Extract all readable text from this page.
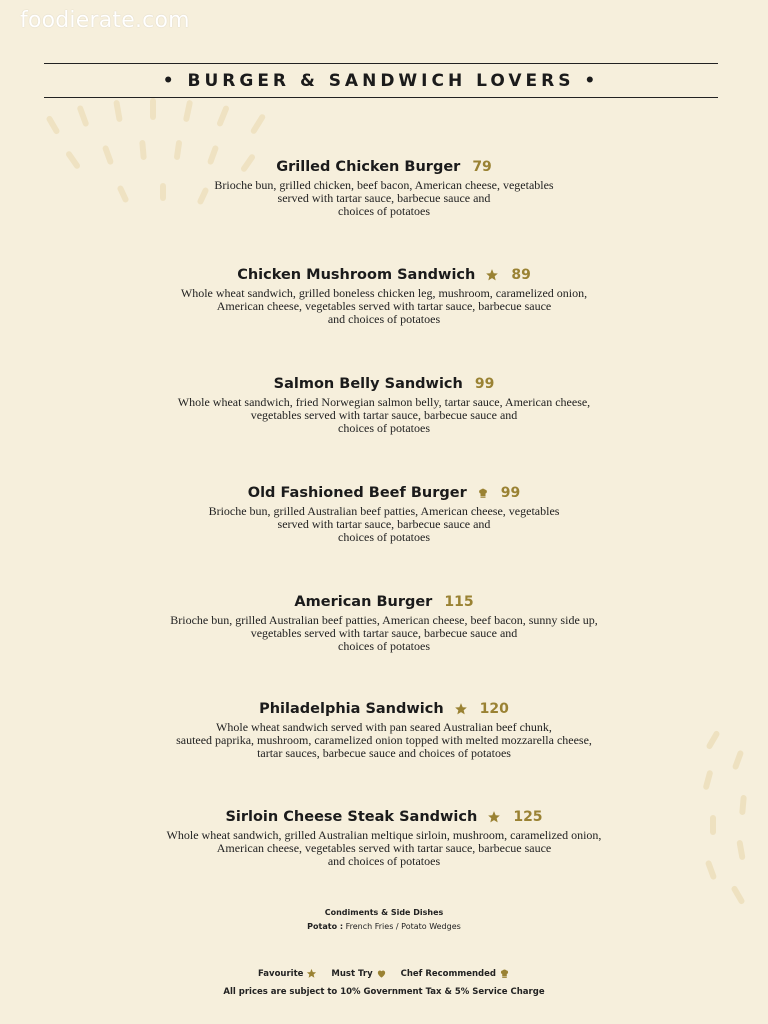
foodierate.com
• BURGER & SANDWICH LOVERS •
Grilled Chicken Burger 79
Brioche bun, grilled chicken, beef bacon, American cheese, vegetables
served with tartar sauce, barbecue sauce and
choices of potatoes
Chicken Mushroom Sandwich	89
Whole wheat sandwich, grilled boneless chicken leg, mushroom, caramelized onion,
American cheese, vegetables served with tartar sauce, barbecue sauce
and choices of potatoes
Salmon Belly Sandwich 99
Whole wheat sandwich, fried Norwegian salmon belly, tartar sauce, American cheese,
vegetables served with tartar sauce, barbecue sauce and
choices of potatoes
Old Fashioned Beef Burger 99
Brioche bun, grilled Australian beef patties, American cheese, vegetables
served with tartar sauce, barbecue sauce and
choices of potatoes
American Burger 115
Brioche bun, grilled Australian beef patties, American cheese, beef bacon, sunny side up,
vegetables served with tartar sauce, barbecue sauce and
choices of potatoes
Philadelphia Sandwich	120
Whole wheat sandwich served with pan seared Australian beef chunk,
sauteed paprika, mushroom, caramelized onion topped with melted mozzarella cheese,
tartar sauces, barbecue sauce and choices of potatoes
Sirloin Cheese Steak Sandwich	125
Whole wheat sandwich, grilled Australian meltique sirloin, mushroom, caramelized onion,
American cheese, vegetables served with tartar sauce, barbecue sauce
and choices of potatoes
Condiments & Side Dishes
Potato : French Fries / Potato Wedges
Favourite	Must Try	Chef Recommended
All prices are subject to 10% Government Tax & 5% Service Charge
